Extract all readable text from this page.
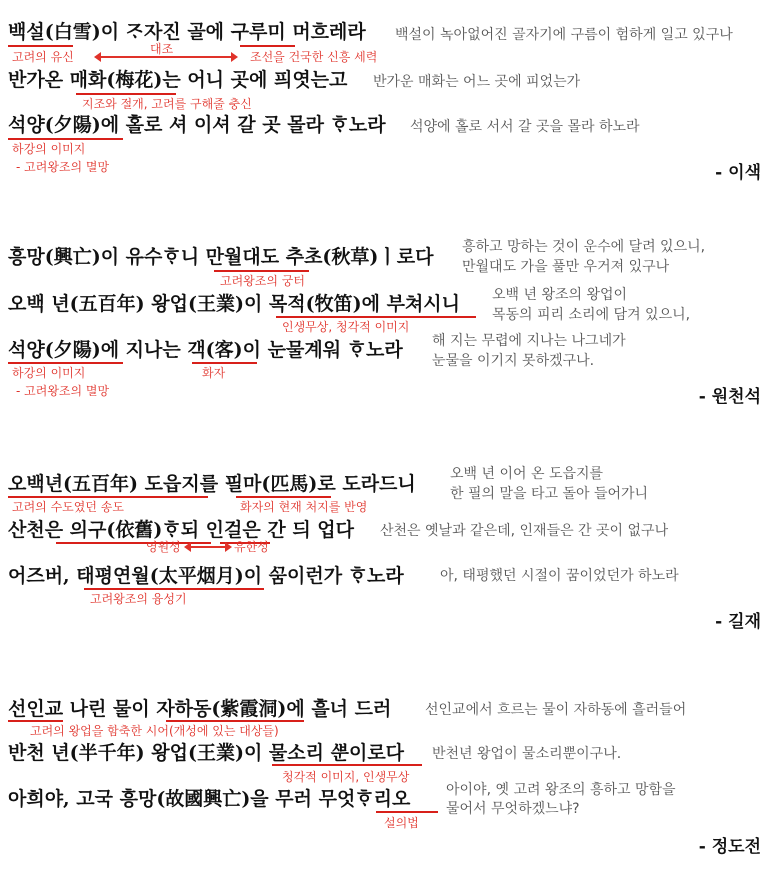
백설(白雪)이 ᄌᆞ자진 골에 구루미 머흐레라 백설이 녹아없어진 골자기에 구름이 험하게 일고 있구나
고려의 유신
대조
조선을 건국한 신흥 세력
반가온 매화(梅花)는 어니 곳에 픠엿는고 반가운 매화는 어느 곳에 피었는가
지조와 절개, 고려를 구해줄 충신
석양(夕陽)에 홀로 셔 이셔 갈 곳 몰라 ᄒᆞ노라 석양에 홀로 서서 갈 곳을 몰라 하노라
하강의 이미지
- 고려왕조의 멸망	- 이색
흥망(興亡)이 유수ᄒᆞ니 만월대도 추초(秋草)ㅣ로다 흥하고 망하는 것이 운수에 달려 있으니,
만월대도 가을 풀만 우거져 있구나
고려왕조의 궁터
오백 년(五百年) 왕업(王業)이 목적(牧笛)에 부쳐시니 오백 년 왕조의 왕업이
목동의 피리 소리에 담겨 있으니,
인생무상, 청각적 이미지
석양(夕陽)에 지나는 객(客)이 눈물계워 ᄒᆞ노라 해 지는 무렵에 지나는 나그네가
눈물을 이기지 못하겠구나.
하강의 이미지
- 고려왕조의 멸망
화자
- 원천석
오백년(五百年) 도읍지를 필마(匹馬)로 도라드니 오백 년 이어 온 도읍지를
한 필의 말을 타고 돌아 들어가니
고려의 수도였던 송도	화자의 현재 처지를 반영
산천은 의구(依舊)ᄒᆞ되 인걸은 간 듸 업다 산천은 옛날과 같은데, 인재들은 간 곳이 없구나
영원성	유한성
어즈버, 태평연월(太平烟月)이 ᄭᅮᆷ이런가 ᄒᆞ노라	아, 태평했던 시절이 꿈이었던가 하노라
고려왕조의 융성기
- 길재
선인교 나린 물이 자하동(紫霞洞)에 흘너 드러 선인교에서 흐르는 물이 자하동에 흘러들어
고려의 왕업을 함축한 시어(개성에 있는 대상들)
반천 년(半千年) 왕업(王業)이 물소리 ᄲᅮᆫ이로다 반천년 왕업이 물소리뿐이구나.
청각적 이미지, 인생무상
아희야, 고국 흥망(故國興亡)을 무러 무엇ᄒᆞ리오	아이야, 옛 고려 왕조의 흥하고 망함을
물어서 무엇하겠느냐?
설의법
- 정도전
